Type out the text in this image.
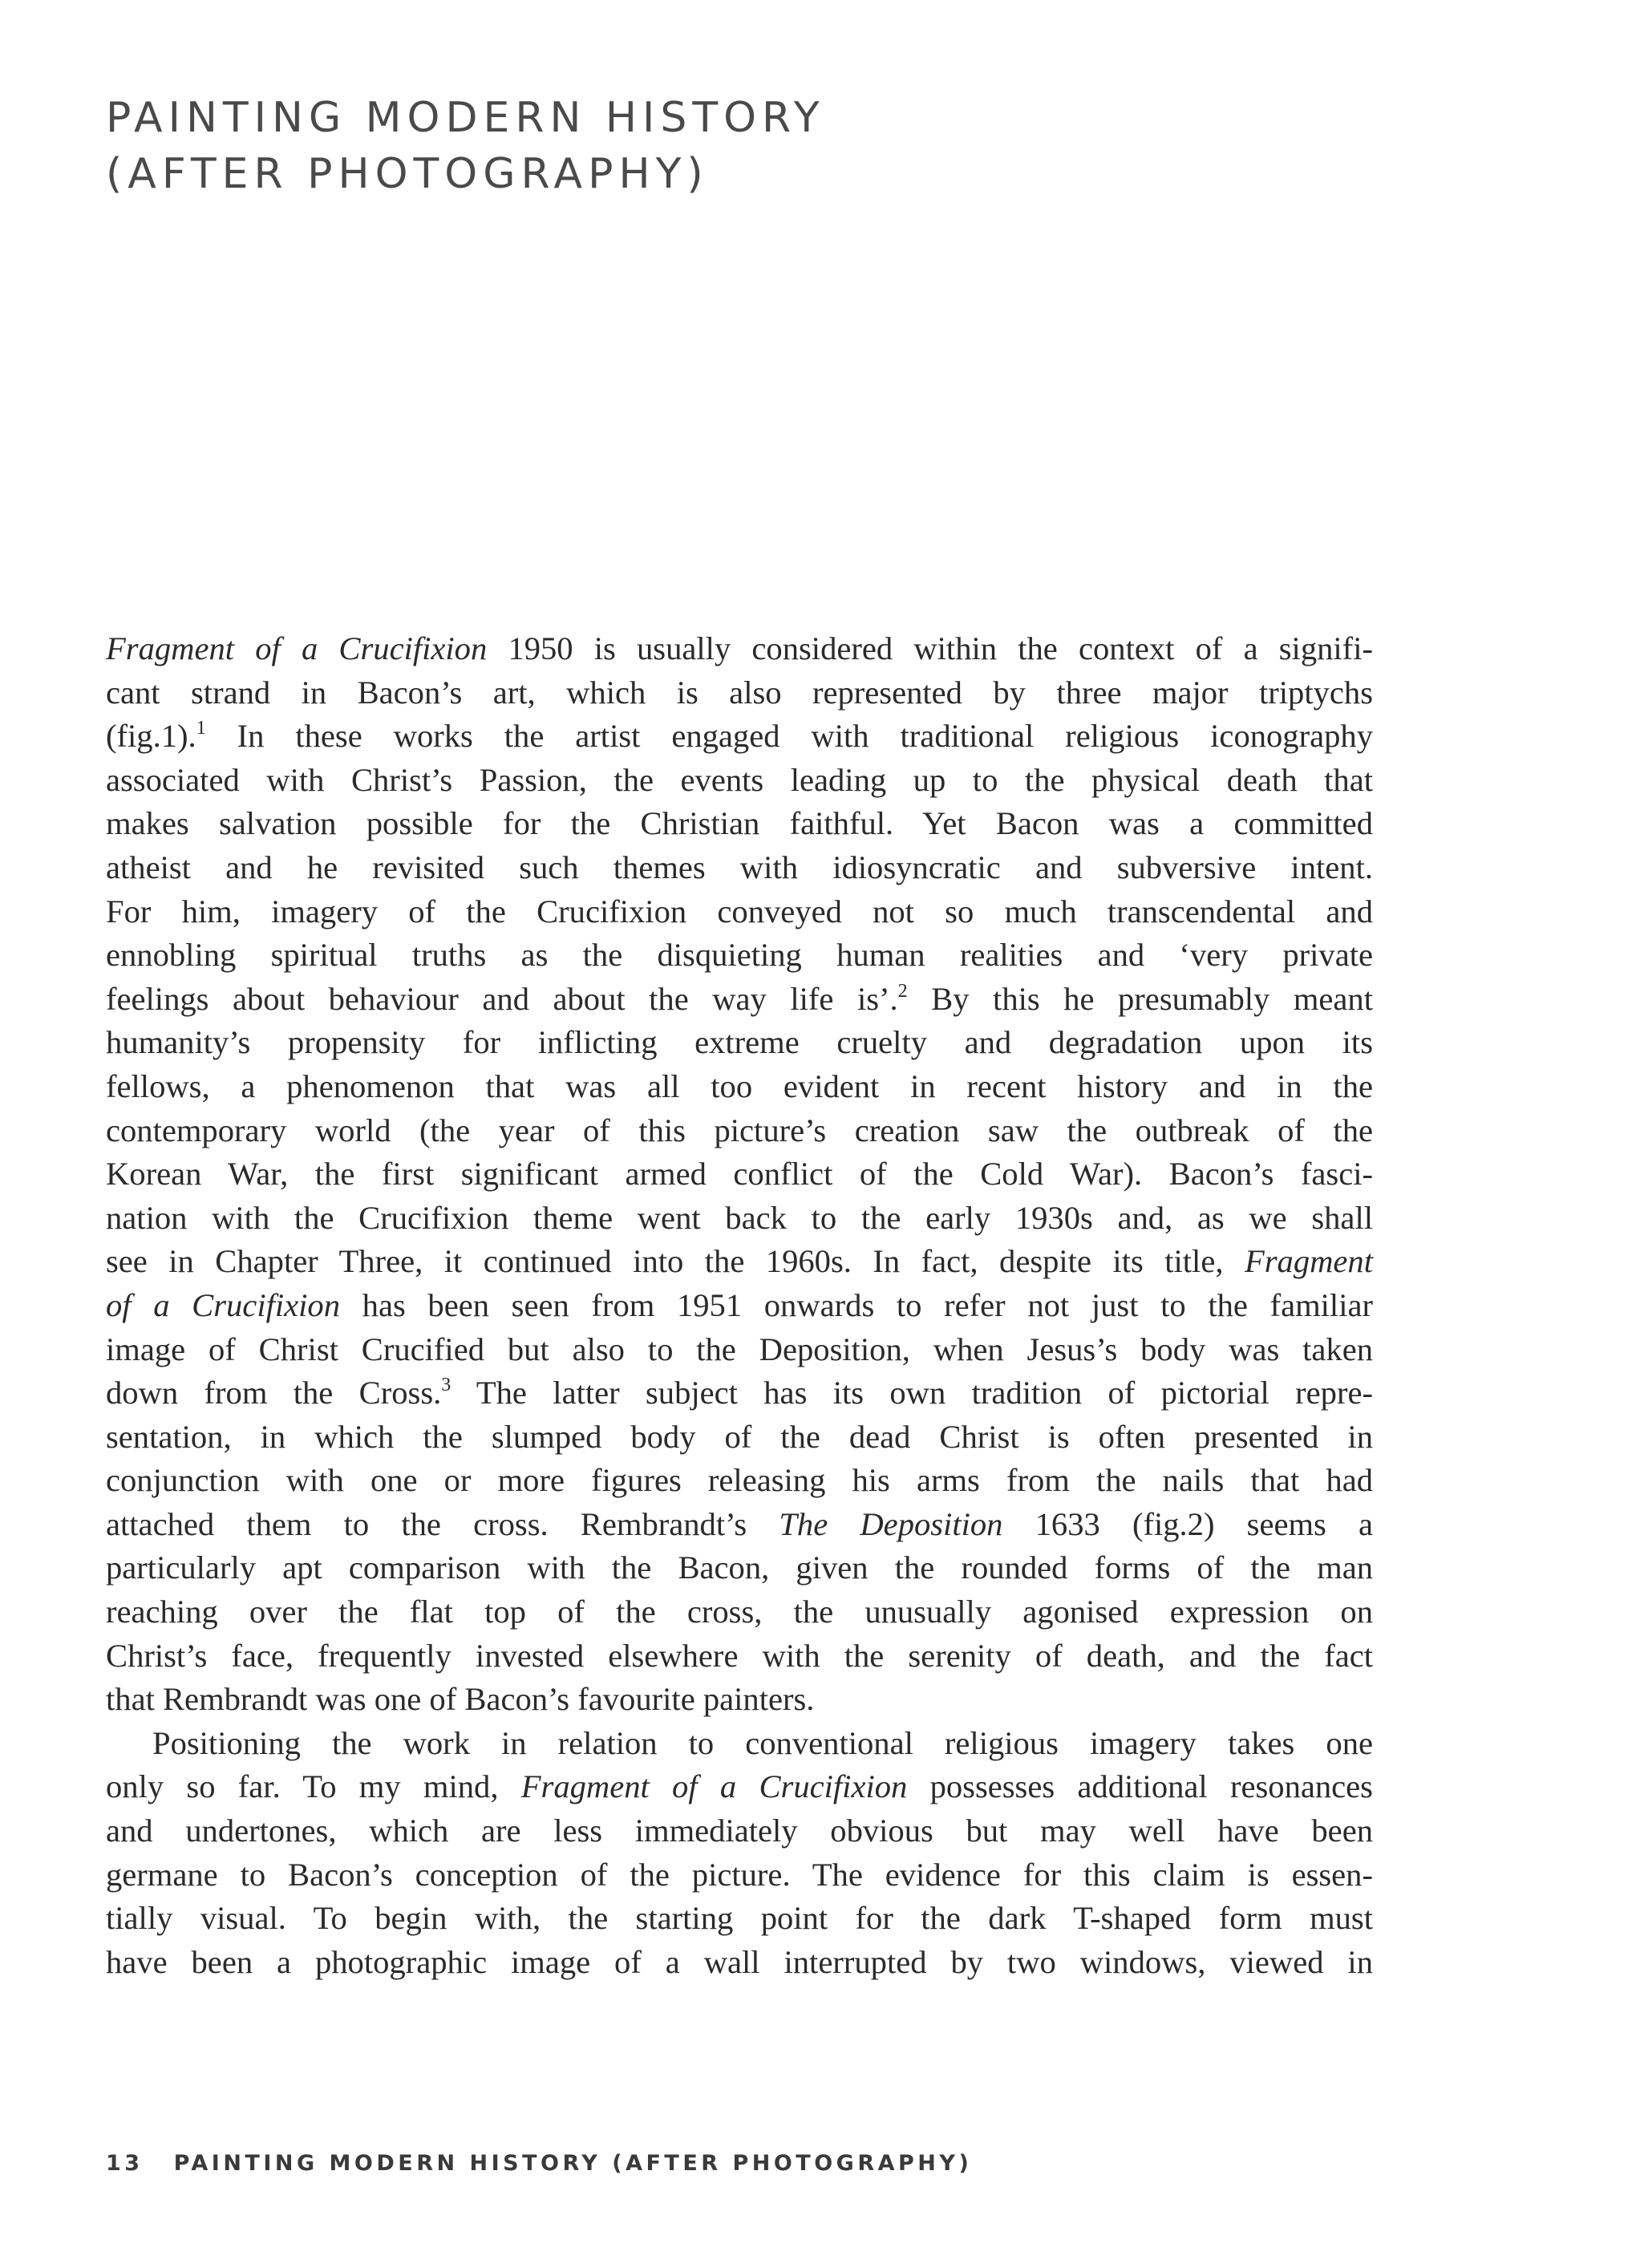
PAINTING MODERN HISTORY
(AFTER PHOTOGRAPHY)
Fragment of a Crucifixion 1950 is usually considered within the context of a signifi-
cant strand in Bacon’s art, which is also represented by three major triptychs
(fig.1).$^1$ In these works the artist engaged with traditional religious iconography
associated with Christ’s Passion, the events leading up to the physical death that
makes salvation possible for the Christian faithful. Yet Bacon was a committed
atheist and he revisited such themes with idiosyncratic and subversive intent.
For him, imagery of the Crucifixion conveyed not so much transcendental and
ennobling spiritual truths as the disquieting human realities and ‘very private
feelings about behaviour and about the way life is’.$^2$ By this he presumably meant
humanity’s propensity for inflicting extreme cruelty and degradation upon its
fellows, a phenomenon that was all too evident in recent history and in the
contemporary world (the year of this picture’s creation saw the outbreak of the
Korean War, the first significant armed conflict of the Cold War). Bacon’s fasci-
nation with the Crucifixion theme went back to the early 1930s and, as we shall
see in Chapter Three, it continued into the 1960s. In fact, despite its title, Fragment
of a Crucifixion has been seen from 1951 onwards to refer not just to the familiar
image of Christ Crucified but also to the Deposition, when Jesus’s body was taken
down from the Cross.$^3$ The latter subject has its own tradition of pictorial repre-
sentation, in which the slumped body of the dead Christ is often presented in
conjunction with one or more figures releasing his arms from the nails that had
attached them to the cross. Rembrandt’s The Deposition 1633 (fig.2) seems a
particularly apt comparison with the Bacon, given the rounded forms of the man
reaching over the flat top of the cross, the unusually agonised expression on
Christ’s face, frequently invested elsewhere with the serenity of death, and the fact
that Rembrandt was one of Bacon’s favourite painters.
Positioning the work in relation to conventional religious imagery takes one
only so far. To my mind, Fragment of a Crucifixion possesses additional resonances
and undertones, which are less immediately obvious but may well have been
germane to Bacon’s conception of the picture. The evidence for this claim is essen-
tially visual. To begin with, the starting point for the dark T-shaped form must
have been a photographic image of a wall interrupted by two windows, viewed in
13 PAINTING MODERN HISTORY (AFTER PHOTOGRAPHY)
